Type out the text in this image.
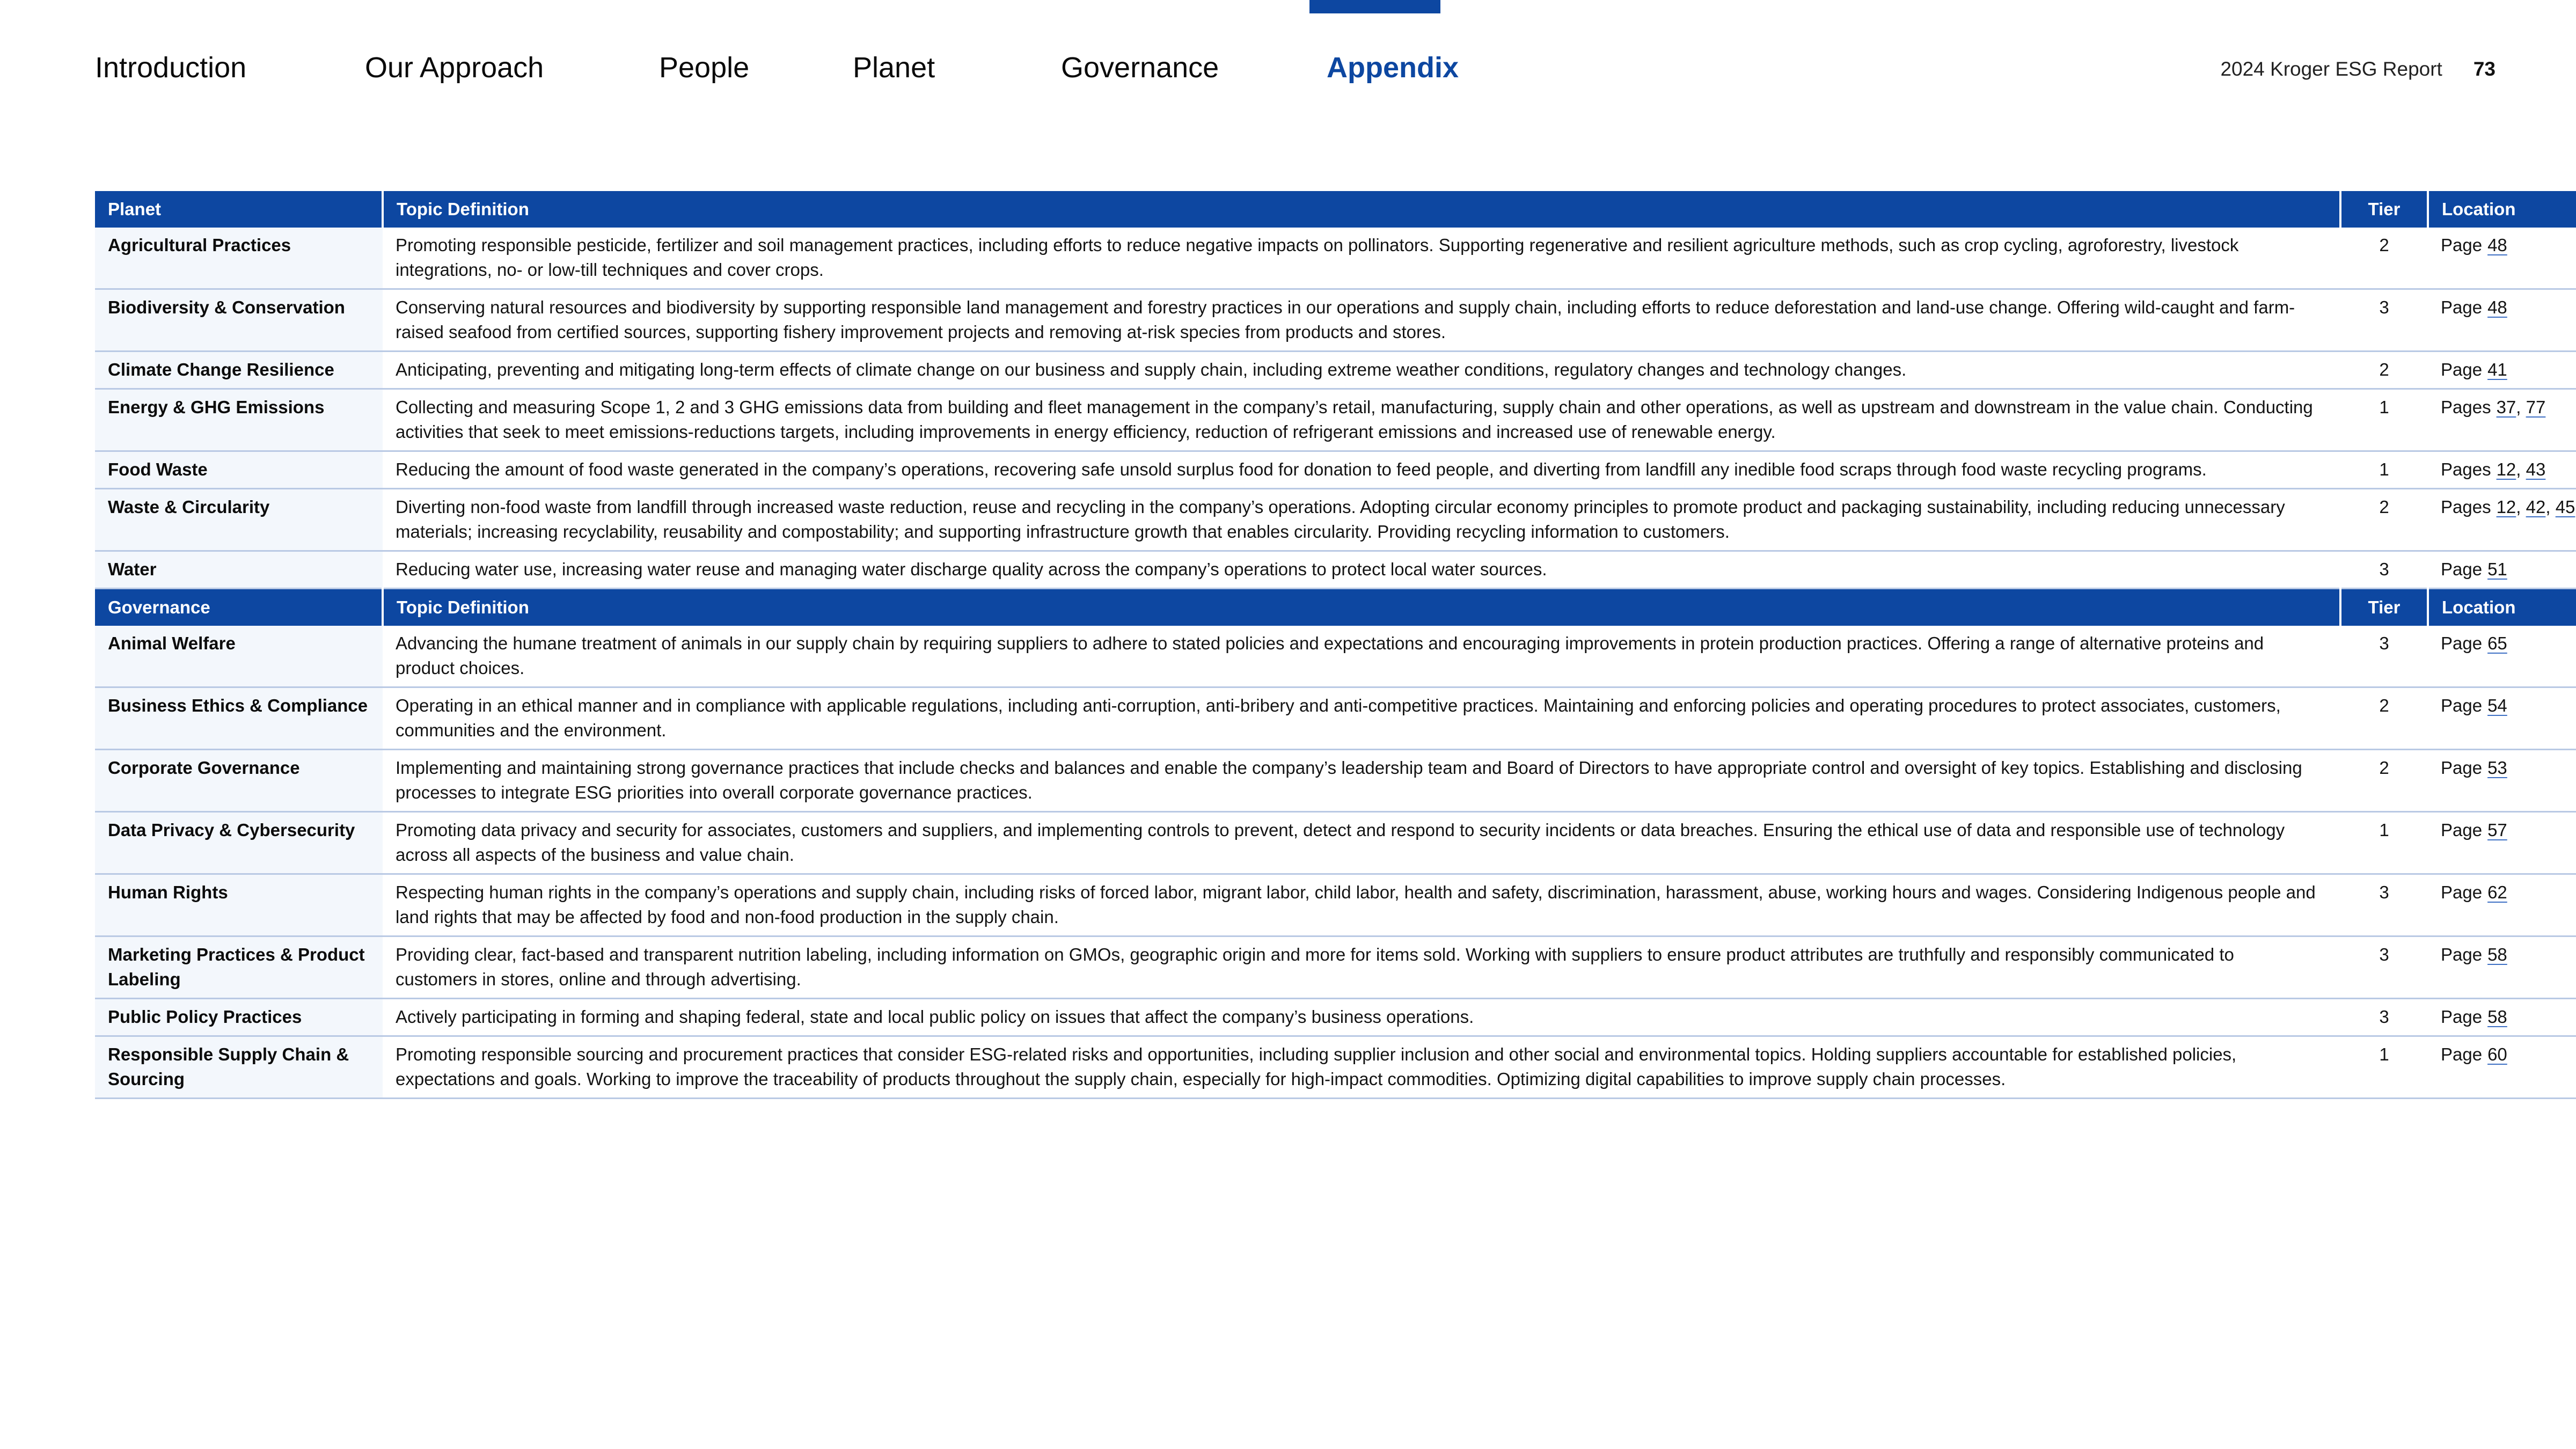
Introduction	Our Approach	People	Planet	Governance	Appendix	2024 Kroger ESG Report 73
Planet	Topic Definition	Tier	Location
Agricultural Practices	Promoting responsible pesticide, fertilizer and soil management practices, including efforts to reduce negative impacts on pollinators. Supporting regenerative and resilient agriculture methods, such as crop cycling, agroforestry, livestock integrations, no- or low-till techniques and cover crops.	2	Page 48
Biodiversity & Conservation	Conserving natural resources and biodiversity by supporting responsible land management and forestry practices in our operations and supply chain, including efforts to reduce deforestation and land-use change. Offering wild-caught and farm-raised seafood from certified sources, supporting fishery improvement projects and removing at-risk species from products and stores.	3	Page 48
Climate Change Resilience	Anticipating, preventing and mitigating long-term effects of climate change on our business and supply chain, including extreme weather conditions, regulatory changes and technology changes.	2	Page 41
Energy & GHG Emissions	Collecting and measuring Scope 1, 2 and 3 GHG emissions data from building and fleet management in the company’s retail, manufacturing, supply chain and other operations, as well as upstream and downstream in the value chain. Conducting activities that seek to meet emissions-reductions targets, including improvements in energy efficiency, reduction of refrigerant emissions and increased use of renewable energy.	1	Pages 37, 77
Food Waste	Reducing the amount of food waste generated in the company’s operations, recovering safe unsold surplus food for donation to feed people, and diverting from landfill any inedible food scraps through food waste recycling programs.	1	Pages 12, 43
Waste & Circularity	Diverting non-food waste from landfill through increased waste reduction, reuse and recycling in the company’s operations. Adopting circular economy principles to promote product and packaging sustainability, including reducing unnecessary materials; increasing recyclability, reusability and compostability; and supporting infrastructure growth that enables circularity. Providing recycling information to customers.	2	Pages 12, 42, 45
Water	Reducing water use, increasing water reuse and managing water discharge quality across the company’s operations to protect local water sources.	3	Page 51
Governance	Topic Definition	Tier	Location
Animal Welfare	Advancing the humane treatment of animals in our supply chain by requiring suppliers to adhere to stated policies and expectations and encouraging improvements in protein production practices. Offering a range of alternative proteins and product choices.	3	Page 65
Business Ethics & Compliance	Operating in an ethical manner and in compliance with applicable regulations, including anti-corruption, anti-bribery and anti-competitive practices. Maintaining and enforcing policies and operating procedures to protect associates, customers, communities and the environment.	2	Page 54
Corporate Governance	Implementing and maintaining strong governance practices that include checks and balances and enable the company’s leadership team and Board of Directors to have appropriate control and oversight of key topics. Establishing and disclosing processes to integrate ESG priorities into overall corporate governance practices.	2	Page 53
Data Privacy & Cybersecurity	Promoting data privacy and security for associates, customers and suppliers, and implementing controls to prevent, detect and respond to security incidents or data breaches. Ensuring the ethical use of data and responsible use of technology across all aspects of the business and value chain.	1	Page 57
Human Rights	Respecting human rights in the company’s operations and supply chain, including risks of forced labor, migrant labor, child labor, health and safety, discrimination, harassment, abuse, working hours and wages. Considering Indigenous people and land rights that may be affected by food and non-food production in the supply chain.	3	Page 62
Marketing Practices & Product Labeling	Providing clear, fact-based and transparent nutrition labeling, including information on GMOs, geographic origin and more for items sold. Working with suppliers to ensure product attributes are truthfully and responsibly communicated to customers in stores, online and through advertising.	3	Page 58
Public Policy Practices	Actively participating in forming and shaping federal, state and local public policy on issues that affect the company’s business operations.	3	Page 58
Responsible Supply Chain & Sourcing	Promoting responsible sourcing and procurement practices that consider ESG-related risks and opportunities, including supplier inclusion and other social and environmental topics. Holding suppliers accountable for established policies, expectations and goals. Working to improve the traceability of products throughout the supply chain, especially for high-impact commodities. Optimizing digital capabilities to improve supply chain processes.	1	Page 60
